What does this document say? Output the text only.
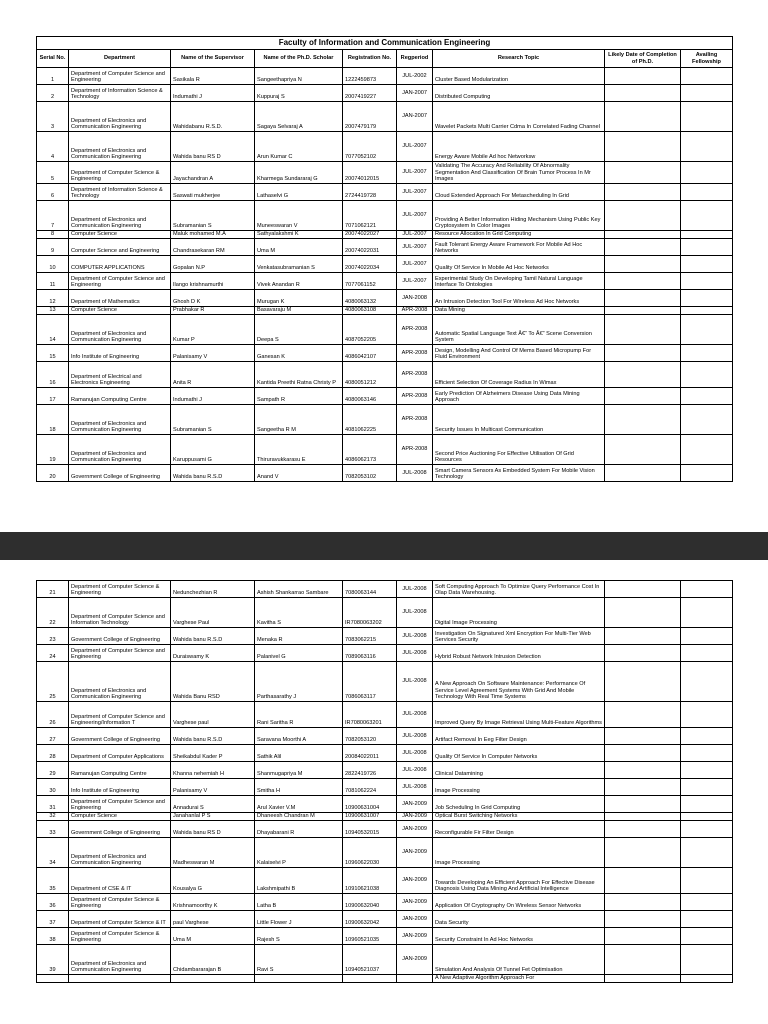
Faculty of Information and Communication Engineering								
Serial No.	Department	Name of the Supervisor	Name of the Ph.D. Scholar	Registration No.	Regperiod	Research Topic	Likely Date of Completion of Ph.D.	Availing Fellowship
1	Department of Computer Science and Engineering	Sasikala R	Sangeethapriya N	1222459873	JUL-2002	Cluster Based Modularization		
2	Department of Information Science & Technology	Indumathi J	Kuppuraj S	2007419227	JAN-2007	Distributed Computing		
3	Department of Electronics and Communication Engineering	Wahidabanu R.S.D.	Sagaya Selvaraj A	2007479179	JAN-2007	Wavelet Packets Multi Carrier Cdma In Correlated Fading Channel		
4	Department of Electronics and Communication Engineering	Wahida banu RS D	Arun Kumar C	7077052102	JUL-2007	Energy Aware Mobile Ad hoc Networksw		
5	Department of Computer Science & Engineering	Jayachandran A	Kharmega Sundararaj G	20074012015	JUL-2007	Validating The Accuracy And Reliability Of Abnormality Segmentation And Classification Of Brain Tumor Process In Mr Images		
6	Department of Information Science & Technology	Saswati mukherjee	Lathaselvi G	2724419728	JUL-2007	Cloud Extended Approach For Metascheduling In Grid		
7	Department of Electronics and Communication Engineering	Subramanian S	Muneeswaran V	7071062121	JUL-2007	Providing A Better Information Hiding Mechanism Using Public Key Cryptosystem In Color Images		
8	Computer Science	Maluk mohamed M.A	Sathyalakshmi K	20074022027	JUL-2007	Resource Allocation In Grid Computing		
9	Computer Science and Engineering	Chandrasekaran RM	Uma M	20074022031	JUL-2007	Fault Tolerant Energy Aware Framework For Mobile Ad Hoc Networks		
10	COMPUTER APPLICATIONS	Gopalan N.P	Venkatasubramanian S	20074022034	JUL-2007	Quality Of Service In Mobile Ad Hoc Networks		
11	Department of Computer Science and Engineering	Ilango krishnamurthi	Vivek Anandan R	7077061152	JUL-2007	Experimental Study On Developing Tamil Natural Language Interface To Ontologies		
12	Department of Mathematics	Ghosh D K	Murugan K	4080063132	JAN-2008	An Intrusion Detection Tool For Wireless Ad Hoc Networks		
13	Computer Science	Prabhakar R	Basavaraju M	4080063108	APR-2008	Data Mining		
14	Department of Electronics and Communication Engineering	Kumar P	Deepa S	4087052205	APR-2008	Automatic Spatial Language Text Â€“ To Â€“ Scene Conversion System		
15	Info Institute of Engineering	Palanisamy V	Ganesan K	4086042107	APR-2008	Design, Modelling And Control Of Mems Based Micropump For Fluid Environment		
16	Department of Electrical and Electronics Engineering	Anita R	Kantida Preethi Ratna Christy P	4080051212	APR-2008	Efficient Selection Of Coverage Radius In Wimax		
17	Ramanujan Computing Centre	Indumathi J	Sampath R	4080063146	APR-2008	Early Prediction Of Alzheimers Disease Using Data Mining Approach		
18	Department of Electronics and Communication Engineering	Subramanian S	Sangeetha R M	4081062225	APR-2008	Security Issues In Multicast Communication		
19	Department of Electronics and Communication Engineering	Karuppusami G	Thiruravukkarasu E	4086062173	APR-2008	Second Price Auctioning For Effective Utilisation Of Grid Resources		
20	Government College of Engineering	Wahida banu R.S.D	Anand V	7082053102	JUL-2008	Smart Camera Sensors As Embedded System For Mobile Vision Technology		
21	Department of Computer Science & Engineering	Nedunchezhian R	Ashish Shankarrao Sambare	7080063144	JUL-2008	Soft Computing Approach To Optimize Query Performance Cost In Olap Data Warehousing.		
22	Department of Computer Science and Information Technology	Varghese Paul	Kavitha S	IR7080063202	JUL-2008	Digital Image Processing		
23	Government College of Engineering	Wahida banu R.S.D	Menaka R	7083062215	JUL-2008	Investigation On Signatured Xml Encryption For Multi-Tier Web Services Security		
24	Department of Computer Science and Engineering	Duraiswamy K	Palanivel G	7089063116	JUL-2008	Hybrid Robust Network Intrusion Detection		
25	Department of Electronics and Communication Engineering	Wahida Banu RSD	Parthasarathy J	7086063117	JUL-2008	A New Approach On Software Maintenance: Performance Of Service Level Agreement Systems With Grid And Mobile Technology With Real Time Systems		
26	Department of Computer Science and Engineering/Information T	Varghese paul	Rani Saritha R	IR7080063201	JUL-2008	Improved Query By Image Retrieval Using Multi-Feature Algorithms		
27	Government College of Engineering	Wahida banu R.S.D	Saravana Moorthi A	7082053120	JUL-2008	Artifact Removal In Eeg Filter Design		
28	Department of Computer Applications	Sheikabdul Kader P	Sathik Alil	20084022011	JUL-2008	Quality Of Service In Computer Networks		
29	Ramanujan Computing Centre	Khanna nehemiah H	Shanmugapriya M	2822419726	JUL-2008	Clinical Datamining		
30	Info Institute of Engineering	Palanisamy V	Smitha H	7081062224	JUL-2008	Image Processing		
31	Department of Computer Science and Engineering	Annadurai S	Arul Xavier V.M	10900631004	JAN-2009	Job Scheduling In Grid Computing		
32	Computer Science	Janahanlal P S	Dhaneesh Chandran M	10900631007	JAN-2009	Optical Burst Switching Networks		
33	Government College of Engineering	Wahida banu RS D	Dhayabarani R	10940532015	JAN-2009	Reconfigurable Fir Filter Design		
34	Department of Electronics and Communication Engineering	Madheswaran M	Kalaiselvi P	10960622030	JAN-2009	Image Processing		
35	Department of CSE & IT	Kousalya G	Lakshmipathi B	10910621038	JAN-2009	Towards Developing An Efficient Approach For Effective Disease Diagnosis Using Data Mining And Artificial Intelligence		
36	Department of Computer Science & Engineering	Krishnamoorthy K	Latha B	10900632040	JAN-2009	Application Of Cryptography On Wireless Sensor Networks		
37	Department of Computer Science & IT	paul Varghese	Little Flower J	10900632042	JAN-2009	Data Security		
38	Department of Computer Science & Engineering	Uma M	Rajesh S	10960521035	JAN-2009	Security Constraint In Ad Hoc Networks		
39	Department of Electronics and Communication Engineering	Chidambararajan B	Ravi S	10940521037	JAN-2009	Simulation And Analysis Of Tunnel Fet Optimisation		
						A New Adaptive Algorithm Approach For		
